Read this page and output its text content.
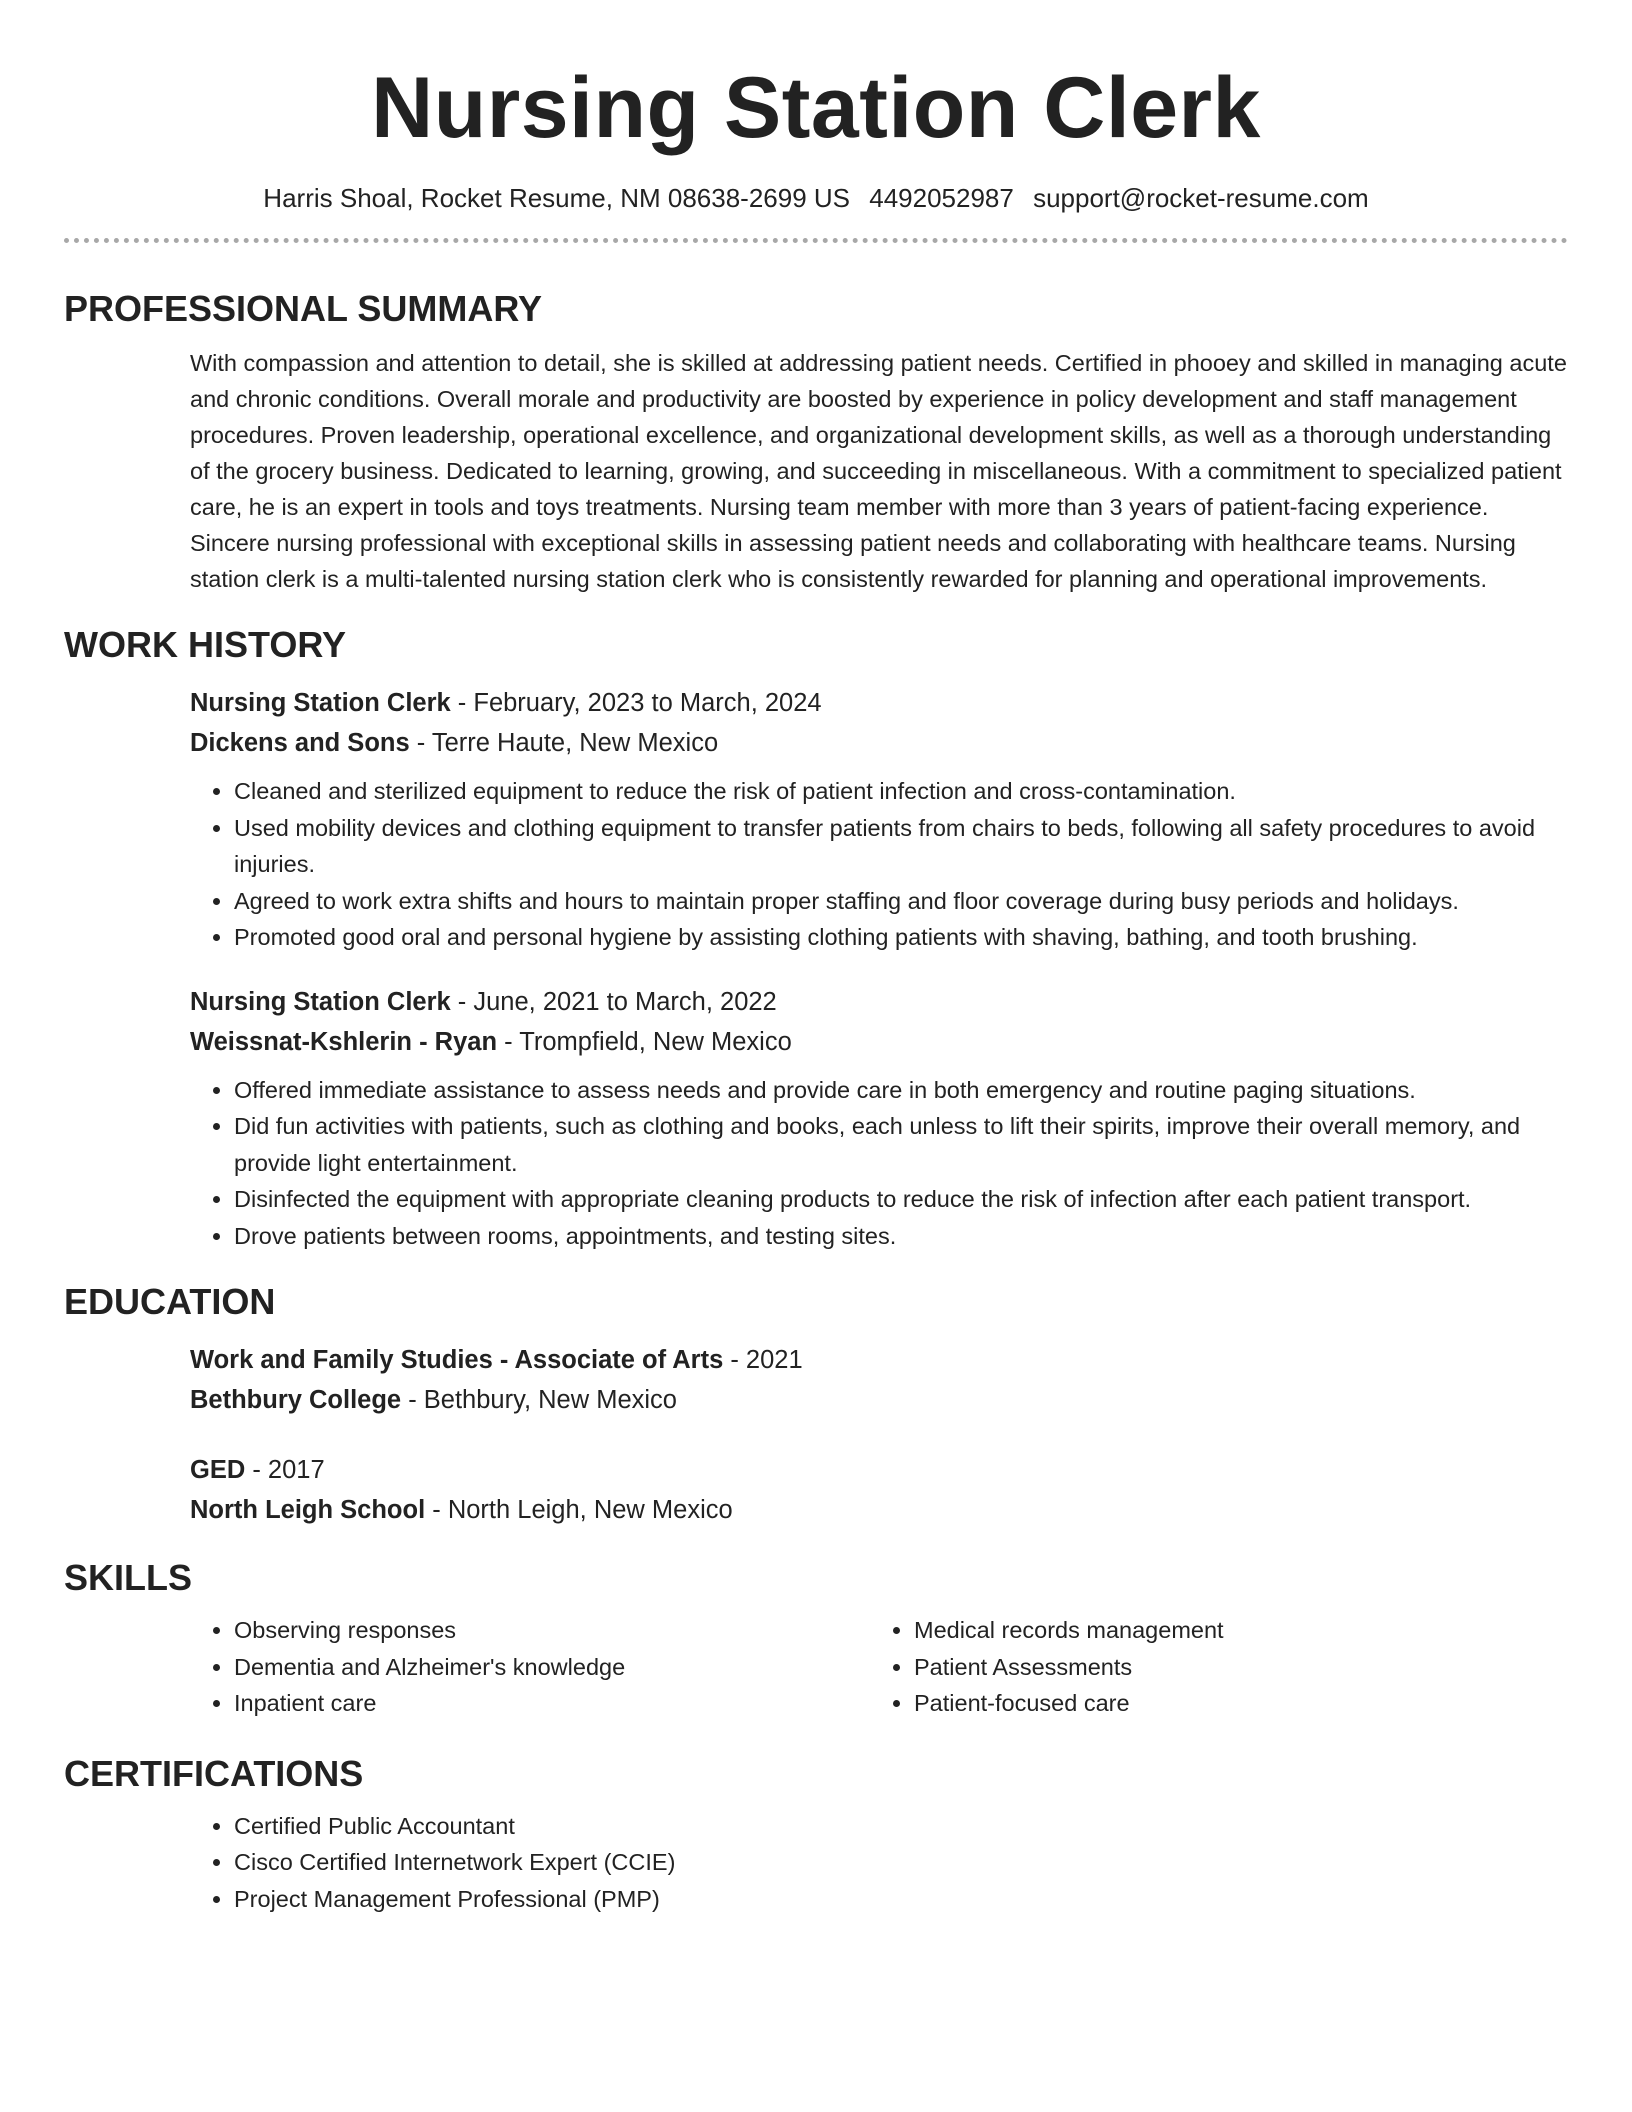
Nursing Station Clerk
Harris Shoal, Rocket Resume, NM 08638-2699 US 4492052987 support@rocket-resume.com
PROFESSIONAL SUMMARY
With compassion and attention to detail, she is skilled at addressing patient needs. Certified in phooey and skilled in managing acute and chronic conditions. Overall morale and productivity are boosted by experience in policy development and staff management procedures. Proven leadership, operational excellence, and organizational development skills, as well as a thorough understanding of the grocery business. Dedicated to learning, growing, and succeeding in miscellaneous. With a commitment to specialized patient care, he is an expert in tools and toys treatments. Nursing team member with more than 3 years of patient-facing experience. Sincere nursing professional with exceptional skills in assessing patient needs and collaborating with healthcare teams. Nursing station clerk is a multi-talented nursing station clerk who is consistently rewarded for planning and operational improvements.
WORK HISTORY
Nursing Station Clerk - February, 2023 to March, 2024
Dickens and Sons - Terre Haute, New Mexico
• Cleaned and sterilized equipment to reduce the risk of patient infection and cross-contamination.
• Used mobility devices and clothing equipment to transfer patients from chairs to beds, following all safety procedures to avoid injuries.
• Agreed to work extra shifts and hours to maintain proper staffing and floor coverage during busy periods and holidays.
• Promoted good oral and personal hygiene by assisting clothing patients with shaving, bathing, and tooth brushing.
Nursing Station Clerk - June, 2021 to March, 2022
Weissnat-Kshlerin - Ryan - Trompfield, New Mexico
• Offered immediate assistance to assess needs and provide care in both emergency and routine paging situations.
• Did fun activities with patients, such as clothing and books, each unless to lift their spirits, improve their overall memory, and provide light entertainment.
• Disinfected the equipment with appropriate cleaning products to reduce the risk of infection after each patient transport.
• Drove patients between rooms, appointments, and testing sites.
EDUCATION
Work and Family Studies - Associate of Arts - 2021
Bethbury College - Bethbury, New Mexico
GED - 2017
North Leigh School - North Leigh, New Mexico
SKILLS
• Observing responses
• Dementia and Alzheimer's knowledge
• Inpatient care
• Medical records management
• Patient Assessments
• Patient-focused care
CERTIFICATIONS
• Certified Public Accountant
• Cisco Certified Internetwork Expert (CCIE)
• Project Management Professional (PMP)
